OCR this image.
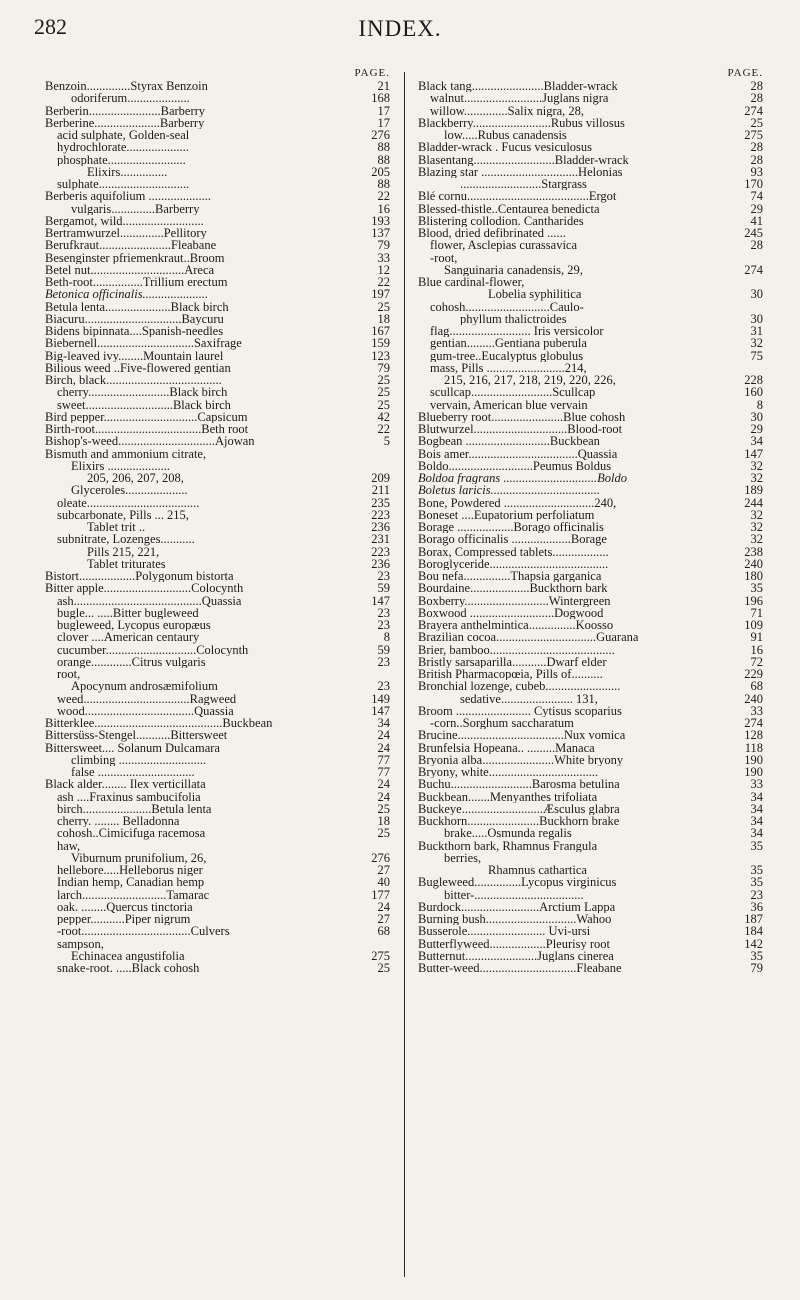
282	INDEX.
PAGE.
Benzoin..............Styrax Benzoin	21
odoriferum....................	168
Berberin.......................Barberry	17
Berberine.....................Barberry	17
acid sulphate, Golden-seal	276
hydrochlorate....................	88
phosphate.........................	88
Elixirs...............	205
sulphate.............................	88
Berberis aquifolium ....................	22
vulgaris..............Barberry	16
Bergamot, wild..........................	193
Bertramwurzel..............Pellitory	137
Berufkraut.......................Fleabane	79
Besenginster pfriemenkraut..Broom	33
Betel nut..............................Areca	12
Beth-root................Trillium erectum	22
Betonica officinalis.....................	197
Betula lenta.....................Black birch	25
Biacuru...............................Baycuru	18
Bidens bipinnata....Spanish-needles	167
Biebernell...............................Saxifrage	159
Big-leaved ivy........Mountain laurel	123
Bilious weed ..Five-flowered gentian	79
Birch, black.....................................	25
cherry..........................Black birch	25
sweet............................Black birch	25
Bird pepper..............................Capsicum	42
Birth-root..................................Beth root	22
Bishop's-weed...............................Ajowan	5
Bismuth and ammonium citrate,
Elixirs ....................
205, 206, 207, 208,	209
Glyceroles....................	211
oleate....................................	235
subcarbonate, Pills ... 215,	223
Tablet trit ..	236
subnitrate, Lozenges...........	231
Pills 215, 221,	223
Tablet triturates	236
Bistort..................Polygonum bistorta	23
Bitter apple............................Colocynth	59
ash.........................................Quassia	147
bugle... .....Bitter bugleweed	23
bugleweed, Lycopus europæus	23
clover ....American centaury	8
cucumber.............................Colocynth	59
orange.............Citrus vulgaris	23
root,
Apocynum androsæmifolium	23
weed..................................Ragweed	149
wood...................................Quassia	147
Bitterklee.........................................Buckbean	34
Bittersüss-Stengel...........Bittersweet	24
Bittersweet.... Solanum Dulcamara	24
climbing ............................	77
false ...............................	77
Black alder........ Ilex verticillata	24
ash ....Fraxinus sambucifolia	24
birch......................Betula lenta	25
cherry. ........ Belladonna	18
cohosh..Cimicifuga racemosa	25
haw,
Viburnum prunifolium, 26,	276
hellebore.....Helleborus niger	27
Indian hemp, Canadian hemp	40
larch...........................Tamarac	177
oak. ........Quercus tinctoria	24
pepper...........Piper nigrum	27
-root...................................Culvers	68
sampson,
Echinacea angustifolia	275
snake-root. .....Black cohosh	25
PAGE.
Black tang.......................Bladder-wrack	28
walnut.........................Juglans nigra	28
willow..............Salix nigra, 28,	274
Blackberry.........................Rubus villosus	25
low.....Rubus canadensis	275
Bladder-wrack . Fucus vesiculosus	28
Blasentang..........................Bladder-wrack	28
Blazing star ...............................Helonias	93
..........................Stargrass	170
Blé cornu.......................................Ergot	74
Blessed-thistle..Centaurea benedicta	29
Blistering collodion. Cantharides	41
Blood, dried defibrinated ......	245
flower, Asclepias curassavica	28
-root,
Sanguinaria canadensis, 29,	274
Blue cardinal-flower,
Lobelia syphilitica	30
cohosh...........................Caulo-
phyllum thalictroides	30
flag.......................... Iris versicolor	31
gentian.........Gentiana puberula	32
gum-tree..Eucalyptus globulus	75
mass, Pills .........................214,
215, 216, 217, 218, 219, 220, 226,	228
scullcap..........................Scullcap	160
vervain, American blue vervain	8
Blueberry root.......................Blue cohosh	30
Blutwurzel..............................Blood-root	29
Bogbean ...........................Buckbean	34
Bois amer...................................Quassia	147
Boldo...........................Peumus Boldus	32
Boldoa fragrans ..............................Boldo	32
Boletus laricis...................................	189
Bone, Powdered .............................240,	244
Boneset ....Eupatorium perfoliatum	32
Borage ..................Borago officinalis	32
Borago officinalis ...................Borage	32
Borax, Compressed tablets..................	238
Boroglyceride......................................	240
Bou nefa...............Thapsia garganica	180
Bourdaine...................Buckthorn bark	35
Boxberry...........................Wintergreen	196
Boxwood ...........................Dogwood	71
Brayera anthelmintica...............Koosso	109
Brazilian cocoa................................Guarana	91
Brier, bamboo........................................	16
Bristly sarsaparilla...........Dwarf elder	72
British Pharmacopœia, Pills of..........	229
Bronchial lozenge, cubeb........................	68
sedative....................... 131,	240
Broom ........................ Cytisus scoparius	33
-corn..Sorghum saccharatum	274
Brucine..................................Nux vomica	128
Brunfelsia Hopeana.. .........Manaca	118
Bryonia alba.......................White bryony	190
Bryony, white...................................	190
Buchu..........................Barosma betulina	33
Buckbean.......Menyanthes trifoliata	34
Buckeye..........................Æsculus glabra	34
Buckhorn.......................Buckhorn brake	34
brake.....Osmunda regalis	34
Buckthorn bark, Rhamnus Frangula	35
berries,
Rhamnus cathartica	35
Bugleweed...............Lycopus virginicus	35
bitter-...................................	23
Burdock.........................Arctium Lappa	36
Burning bush.............................Wahoo	187
Busserole......................... Uvi-ursi	184
Butterflyweed..................Pleurisy root	142
Butternut.......................Juglans cinerea	35
Butter-weed...............................Fleabane	79
